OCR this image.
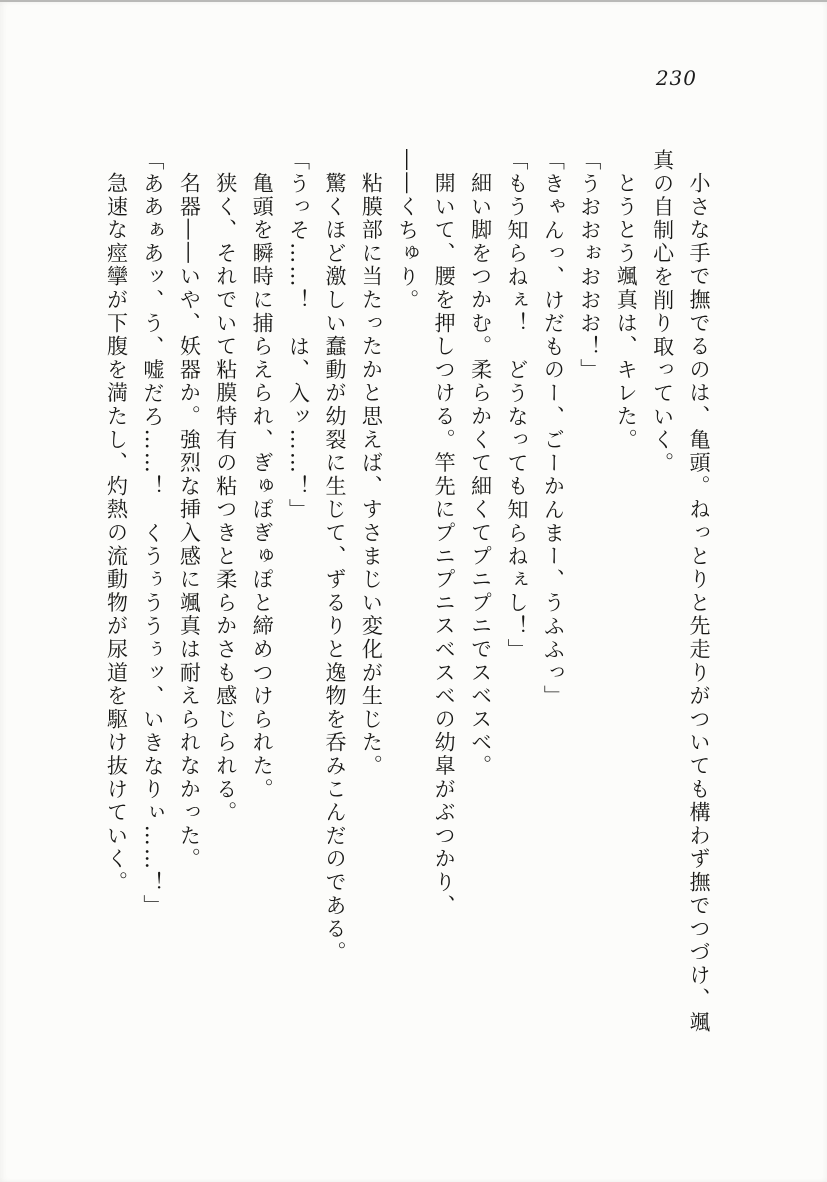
230
小さな手で撫でるのは、亀頭。ねっとりと先走りがついても構わず撫でつづけ、颯
真の自制心を削り取っていく。
とうとう颯真は、キレた。
「うおおぉおおお！」
「きゃんっ、けだものー、ごーかんまー、うふふっ」
「もう知らねぇ！　どうなっても知らねぇし！」
細い脚をつかむ。柔らかくて細くてプニプニでスベスベ。
開いて、腰を押しつける。竿先にプニプニスベスベの幼皐がぶつかり、
――くちゅり。
粘膜部に当たったかと思えば、すさまじい変化が生じた。
驚くほど激しい蠢動が幼裂に生じて、ずるりと逸物を呑みこんだのである。
「うっそ……！　は、入ッ……！」
亀頭を瞬時に捕らえられ、ぎゅぽぎゅぽと締めつけられた。
狭く、それでいて粘膜特有の粘つきと柔らかさも感じられる。
名器――いや、妖器か。強烈な挿入感に颯真は耐えられなかった。
「ああぁあッ、う、嘘だろ……！　くうぅううぅッ、いきなりぃ……！」
急速な痙攣が下腹を満たし、灼熱の流動物が尿道を駆け抜けていく。
